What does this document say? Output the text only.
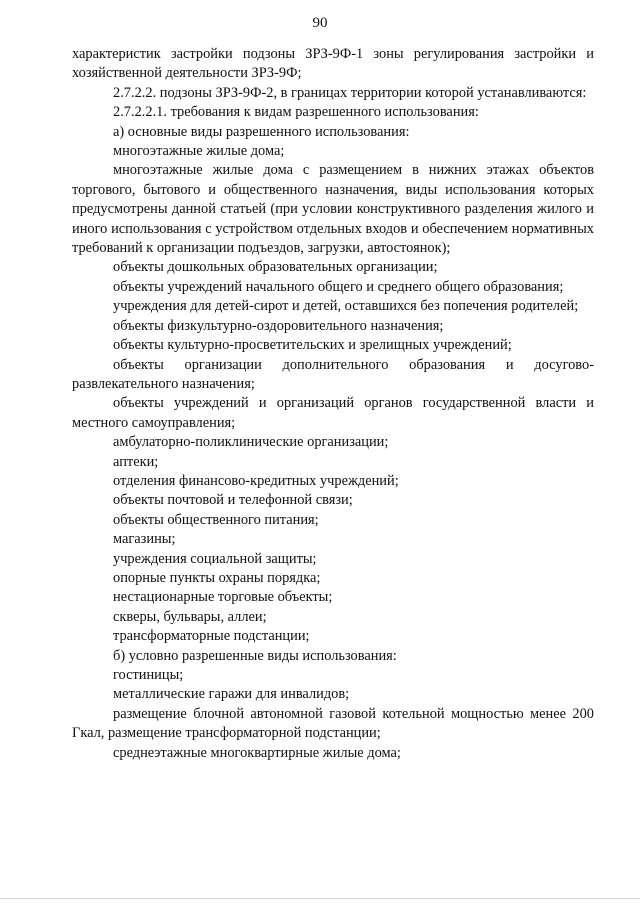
90

характеристик застройки подзоны ЗРЗ-9Ф-1 зоны регулирования застройки и хозяйственной деятельности ЗРЗ-9Ф;

2.7.2.2. подзоны ЗРЗ-9Ф-2, в границах территории которой устанавливаются:

2.7.2.2.1. требования к видам разрешенного использования:

а) основные виды разрешенного использования:

многоэтажные жилые дома;

многоэтажные жилые дома с размещением в нижних этажах объектов торгового, бытового и общественного назначения, виды использования которых предусмотрены данной статьей (при условии конструктивного разделения жилого и иного использования с устройством отдельных входов и обеспечением нормативных требований к организации подъездов, загрузки, автостоянок);

объекты дошкольных образовательных организации;

объекты учреждений начального общего и среднего общего образования;

учреждения для детей-сирот и детей, оставшихся без попечения родителей;

объекты физкультурно-оздоровительного назначения;

объекты культурно-просветительских и зрелищных учреждений;

объекты организации дополнительного образования и досугово-развлекательного назначения;

объекты учреждений и организаций органов государственной власти и местного самоуправления;

амбулаторно-поликлинические организации;

аптеки;

отделения финансово-кредитных учреждений;

объекты почтовой и телефонной связи;

объекты общественного питания;

магазины;

учреждения социальной защиты;

опорные пункты охраны порядка;

нестационарные торговые объекты;

скверы, бульвары, аллеи;

трансформаторные подстанции;

б) условно разрешенные виды использования:

гостиницы;

металлические гаражи для инвалидов;

размещение блочной автономной газовой котельной мощностью менее 200 Гкал, размещение трансформаторной подстанции;

среднеэтажные многоквартирные жилые дома;
